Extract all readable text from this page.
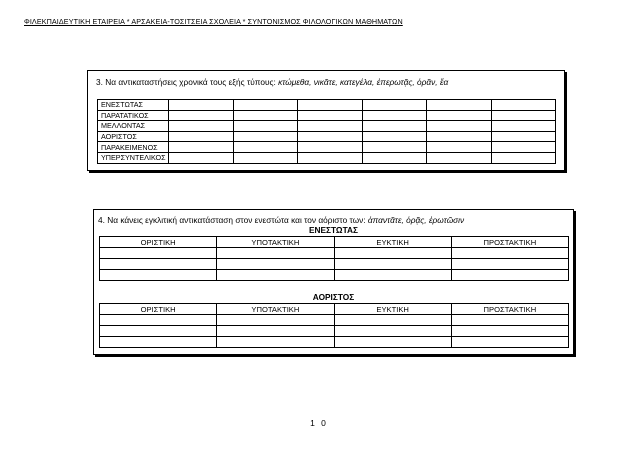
ΦΙΛΕΚΠΑΙΔΕΥΤΙΚΗ ΕΤΑΙΡΕΙΑ * ΑΡΣΑΚΕΙΑ-ΤΟΣΙΤΣΕΙΑ ΣΧΟΛΕΙΑ * ΣΥΝΤΟΝΙΣΜΟΣ ΦΙΛΟΛΟΓΙΚΩΝ ΜΑΘΗΜΑΤΩΝ
3. Να αντικαταστήσεις χρονικά τους εξής τύπους: κτώμεθα, νικᾶτε, κατεγέλα, ἐπερωτᾷς, ὁρᾶν, ἔα
ΕΝΕΣΤΩΤΑΣ						
ΠΑΡΑΤΑΤΙΚΟΣ						
ΜΕΛΛΟΝΤΑΣ						
ΑΟΡΙΣΤΟΣ						
ΠΑΡΑΚΕΙΜΕΝΟΣ						
ΥΠΕΡΣΥΝΤΕΛΙΚΟΣ						
4. Να κάνεις εγκλιτική αντικατάσταση στον ενεστώτα και τον αόριστο των: ἀπαντᾶτε, ὁρᾷς, ἐρωτῶσιν
ΕΝΕΣΤΩΤΑΣ
ΟΡΙΣΤΙΚΗ	ΥΠΟΤΑΚΤΙΚΗ	ΕΥΚΤΙΚΗ	ΠΡΟΣΤΑΚΤΙΚΗ

ΑΟΡΙΣΤΟΣ
ΟΡΙΣΤΙΚΗ	ΥΠΟΤΑΚΤΙΚΗ	ΕΥΚΤΙΚΗ	ΠΡΟΣΤΑΚΤΙΚΗ

1 0
